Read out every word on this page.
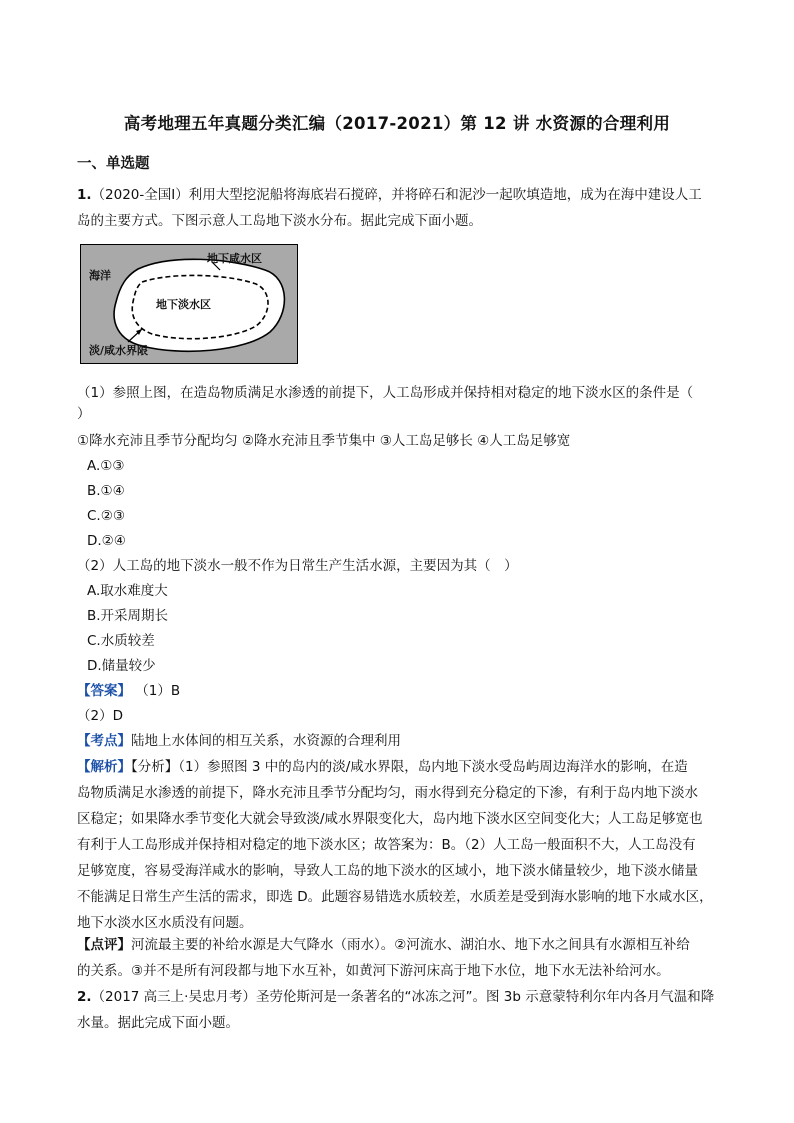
高考地理五年真题分类汇编（2017-2021）第 12 讲 水资源的合理利用
一、单选题
1.（2020-全国Ⅰ）利用大型挖泥船将海底岩石搅碎，并将碎石和泥沙一起吹填造地，成为在海中建设人工
岛的主要方式。下图示意人工岛地下淡水分布。据此完成下面小题。
海洋
地下咸水区
地下淡水区
淡/咸水界限
（1）参照上图，在造岛物质满足水渗透的前提下，人工岛形成并保持相对稳定的地下淡水区的条件是（
）
①降水充沛且季节分配均匀 ②降水充沛且季节集中 ③人工岛足够长 ④人工岛足够宽
A.①③
B.①④
C.②③
D.②④
（2）人工岛的地下淡水一般不作为日常生产生活水源，主要因为其（　）
A.取水难度大
B.开采周期长
C.水质较差
D.储量较少
【答案】 （1）B
（2）D
【考点】陆地上水体间的相互关系，水资源的合理利用
【解析】【分析】（1）参照图 3 中的岛内的淡/咸水界限，岛内地下淡水受岛屿周边海洋水的影响，在造
岛物质满足水渗透的前提下，降水充沛且季节分配均匀，雨水得到充分稳定的下渗，有利于岛内地下淡水
区稳定；如果降水季节变化大就会导致淡/咸水界限变化大，岛内地下淡水区空间变化大；人工岛足够宽也
有利于人工岛形成并保持相对稳定的地下淡水区；故答案为：B。（2）人工岛一般面积不大，人工岛没有
足够宽度，容易受海洋咸水的影响，导致人工岛的地下淡水的区域小，地下淡水储量较少，地下淡水储量
不能满足日常生产生活的需求，即选 D。此题容易错选水质较差，水质差是受到海水影响的地下水咸水区，
地下水淡水区水质没有问题。
【点评】河流最主要的补给水源是大气降水（雨水）。②河流水、湖泊水、地下水之间具有水源相互补给
的关系。③并不是所有河段都与地下水互补，如黄河下游河床高于地下水位，地下水无法补给河水。
2.（2017 高三上·吴忠月考）圣劳伦斯河是一条著名的“冰冻之河”。图 3b 示意蒙特利尔年内各月气温和降
水量。据此完成下面小题。
